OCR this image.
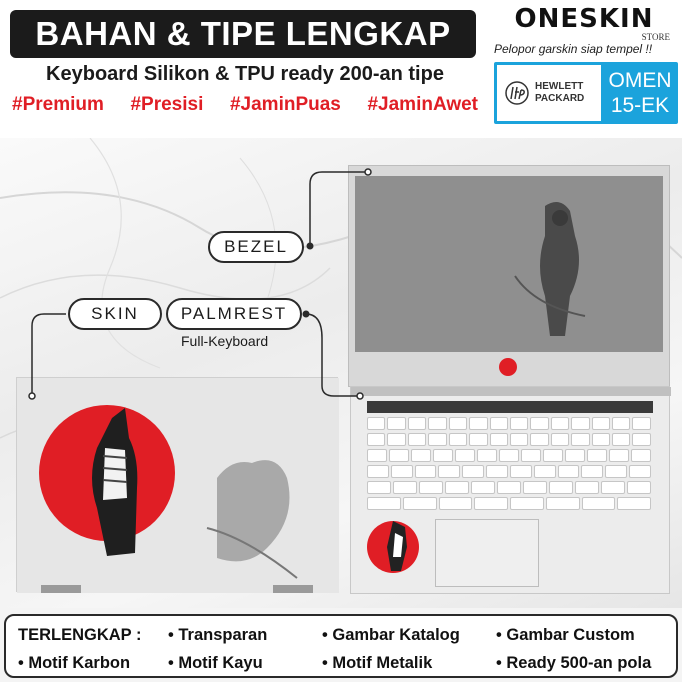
BAHAN & TIPE LENGKAP
Keyboard Silikon & TPU ready 200-an tipe
#Premium #Presisi #JaminPuas #JaminAwet
ONESKIN
STORE
Pelopor garskin siap tempel !!
HEWLETT
PACKARD
OMEN
15-EK
BEZEL
SKIN	PALMREST
Full-Keyboard
TERLENGKAP : • Transparan	• Gambar Katalog • Gambar Custom
• Motif Karbon • Motif Kayu	• Motif Metalik	• Ready 500-an pola
